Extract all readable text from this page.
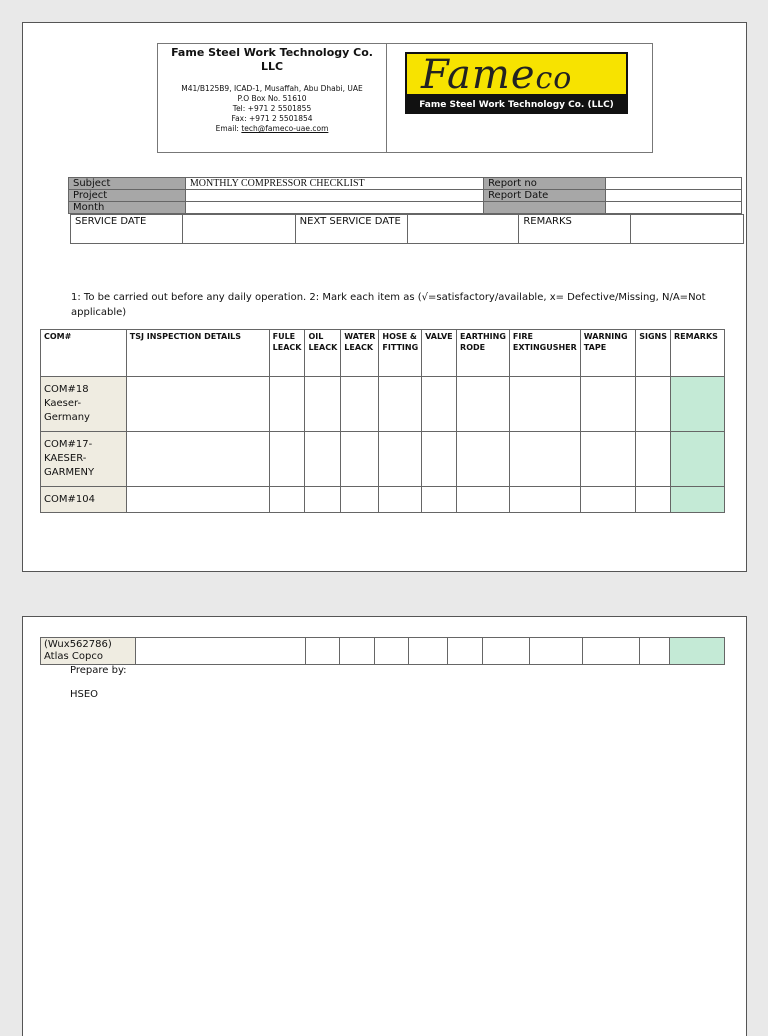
Fame Steel Work Technology Co. LLC
M41/B125B9, ICAD-1, Musaffah, Abu Dhabi, UAE
P.O Box No. 51610
Tel: +971 2 5501855
Fax: +971 2 5501854
Email: tech@fameco-uae.com
Fameco
Fame Steel Work Technology Co. (LLC)
Subject	MONTHLY COMPRESSOR CHECKLIST	Report no	
Project		Report Date	
Month			
SERVICE DATE		NEXT SERVICE DATE		REMARKS	
1: To be carried out before any daily operation. 2: Mark each item as (√=satisfactory/available, x= Defective/Missing, N/A=Not applicable)
COM#	TSJ INSPECTION DETAILS	FULE LEACK	OIL LEACK	WATER LEACK	HOSE & FITTING	VALVE	EARTHING RODE	FIRE EXTINGUSHER	WARNING TAPE	SIGNS	REMARKS
COM#18 Kaeser-Germany											
COM#17-KAESER-GARMENY											
COM#104											
(Wux562786)
Atlas Copco

Prepare by:
HSEO
